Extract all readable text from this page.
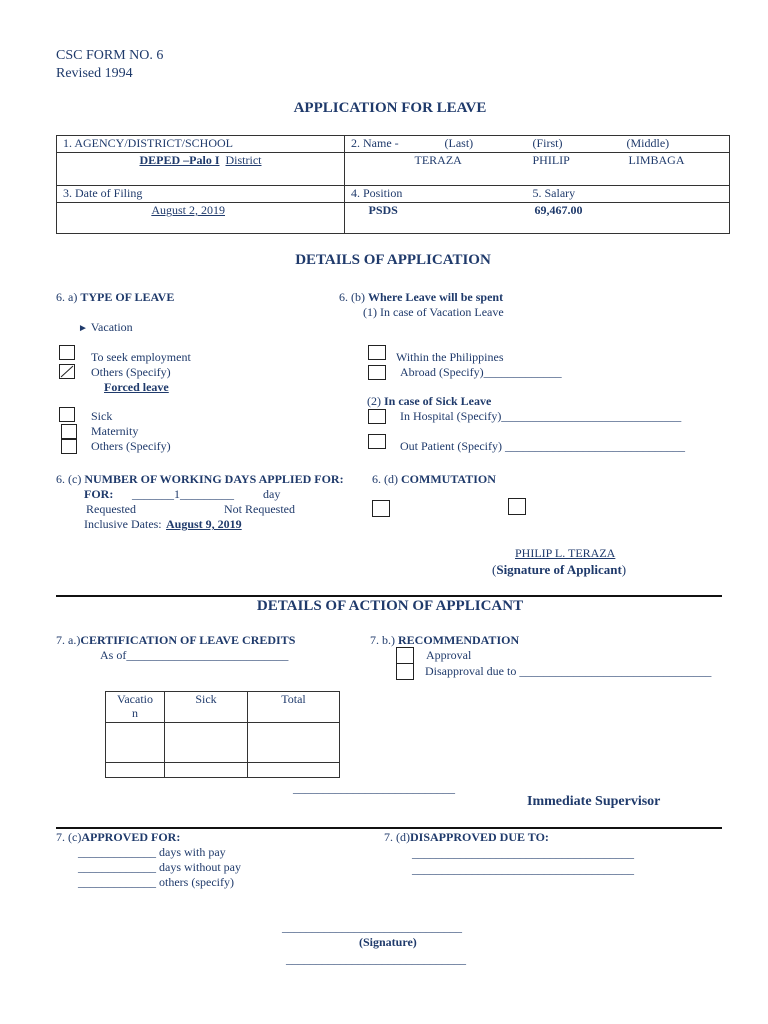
CSC FORM NO. 6
Revised 1994
APPLICATION FOR LEAVE
1. AGENCY/DISTRICT/SCHOOL	2. Name - (Last) (First) (Middle)

DEPED –Palo I District	TERAZA PHILIP LIMBAGA

3. Date of Filing	4. Position 5. Salary

August 2, 2019	PSDS 69,467.00
DETAILS OF APPLICATION
6. a) TYPE OF LEAVE
► Vacation
To seek employment
Others (Specify)
Forced leave
Sick
Maternity
Others (Specify)
6. (b) Where Leave will be spent
(1) In case of Vacation Leave
Within the Philippines
Abroad (Specify)_____________
(2) In case of Sick Leave
In Hospital (Specify)______________________________
Out Patient (Specify) ______________________________
6. (c) NUMBER OF WORKING DAYS APPLIED FOR:
FOR: _______1_________ day
Requested	Not Requested
Inclusive Dates: August 9, 2019
6. (d) COMMUTATION
PHILIP L. TERAZA
(Signature of Applicant)
DETAILS OF ACTION OF APPLICANT
7. a.)CERTIFICATION OF LEAVE CREDITS
As of___________________________
Vacatio
n	Sick	Total

7. b.) RECOMMENDATION
Approval
Disapproval due to ________________________________
___________________________
Immediate Supervisor
7. (c)APPROVED FOR:
_____________ days with pay
_____________ days without pay
_____________ others (specify)
7. (d)DISAPPROVED DUE TO:
_____________________________________
_____________________________________
______________________________
(Signature)
______________________________
